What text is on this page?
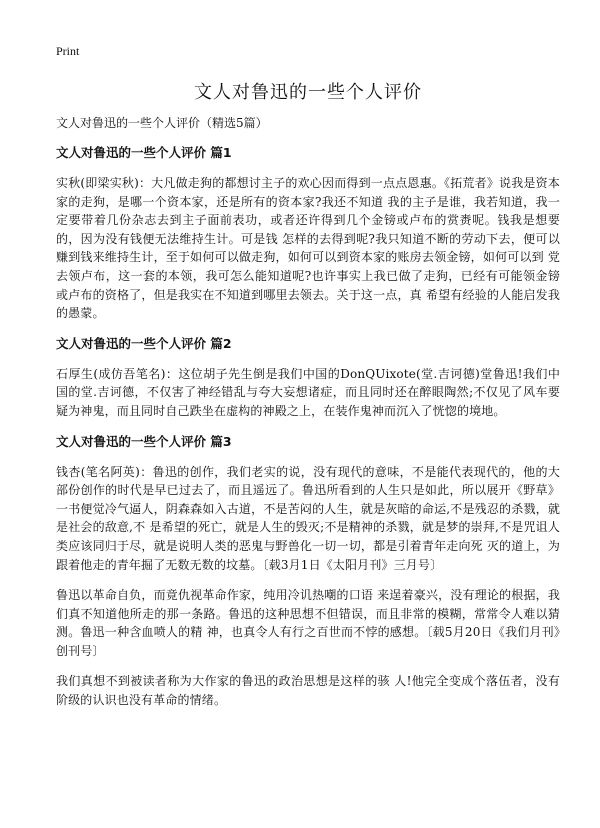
Print
文人对鲁迅的一些个人评价

文人对鲁迅的一些个人评价（精选5篇）

文人对鲁迅的一些个人评价 篇1

实秋(即梁实秋)：大凡做走狗的都想讨主子的欢心因而得到一点点恩惠。《拓荒者》说我是资本家的走狗，是哪一个资本家，还是所有的资本家?我还不知道 我的主子是谁，我若知道，我一定要带着几份杂志去到主子面前表功，或者还许得到几个金镑或卢布的赏赉呢。钱我是想要的，因为没有钱便无法维持生计。可是钱 怎样的去得到呢?我只知道不断的劳动下去，便可以赚到钱来维持生计，至于如何可以做走狗，如何可以到资本家的账房去领金镑，如何可以到 党去领卢布，这一套的本领，我可怎么能知道呢?也许事实上我已做了走狗，已经有可能领金镑或卢布的资格了，但是我实在不知道到哪里去领去。关于这一点，真 希望有经验的人能启发我的愚蒙。

文人对鲁迅的一些个人评价 篇2

石厚生(成仿吾笔名)：这位胡子先生倒是我们中国的DonQUixote(堂.吉诃德)堂鲁迅!我们中国的堂.吉诃德，不仅害了神经错乱与夸大妄想诸症，而且同时还在醉眼陶然;不仅见了风车要疑为神鬼，而且同时自己跌坐在虚构的神殿之上，在装作鬼神而沉入了恍惚的境地。

文人对鲁迅的一些个人评价 篇3

钱杏(笔名阿英)：鲁迅的创作，我们老实的说，没有现代的意味，不是能代表现代的，他的大部份创作的时代是早已过去了，而且遥远了。鲁迅所看到的人生只是如此，所以展开《野草》一书便觉冷气逼人，阴森森如入古道，不是苦闷的人生，就是灰暗的命运,不是残忍的杀戮，就是社会的敌意,不 是希望的死亡，就是人生的毁灭;不是精神的杀戮，就是梦的崇拜,不是咒诅人类应该同归于尽，就是说明人类的恶鬼与野兽化一切一切，都是引着青年走向死 灭的道上，为跟着他走的青年掘了无数无数的坟墓。〔载3月1日《太阳月刊》三月号〕

鲁迅以革命自负，而竟仇视革命作家，纯用冷讥热嘲的口语 来逞着豪兴，没有理论的根据，我们真不知道他所走的那一条路。鲁迅的这种思想不但错误，而且非常的模糊，常常令人难以猜测。鲁迅一种含血喷人的精 神，也真令人有行之百世而不悖的感想。〔载5月20日《我们月刊》创刊号〕

我们真想不到被读者称为大作家的鲁迅的政治思想是这样的骇 人!他完全变成个落伍者，没有阶级的认识也没有革命的情绪。
